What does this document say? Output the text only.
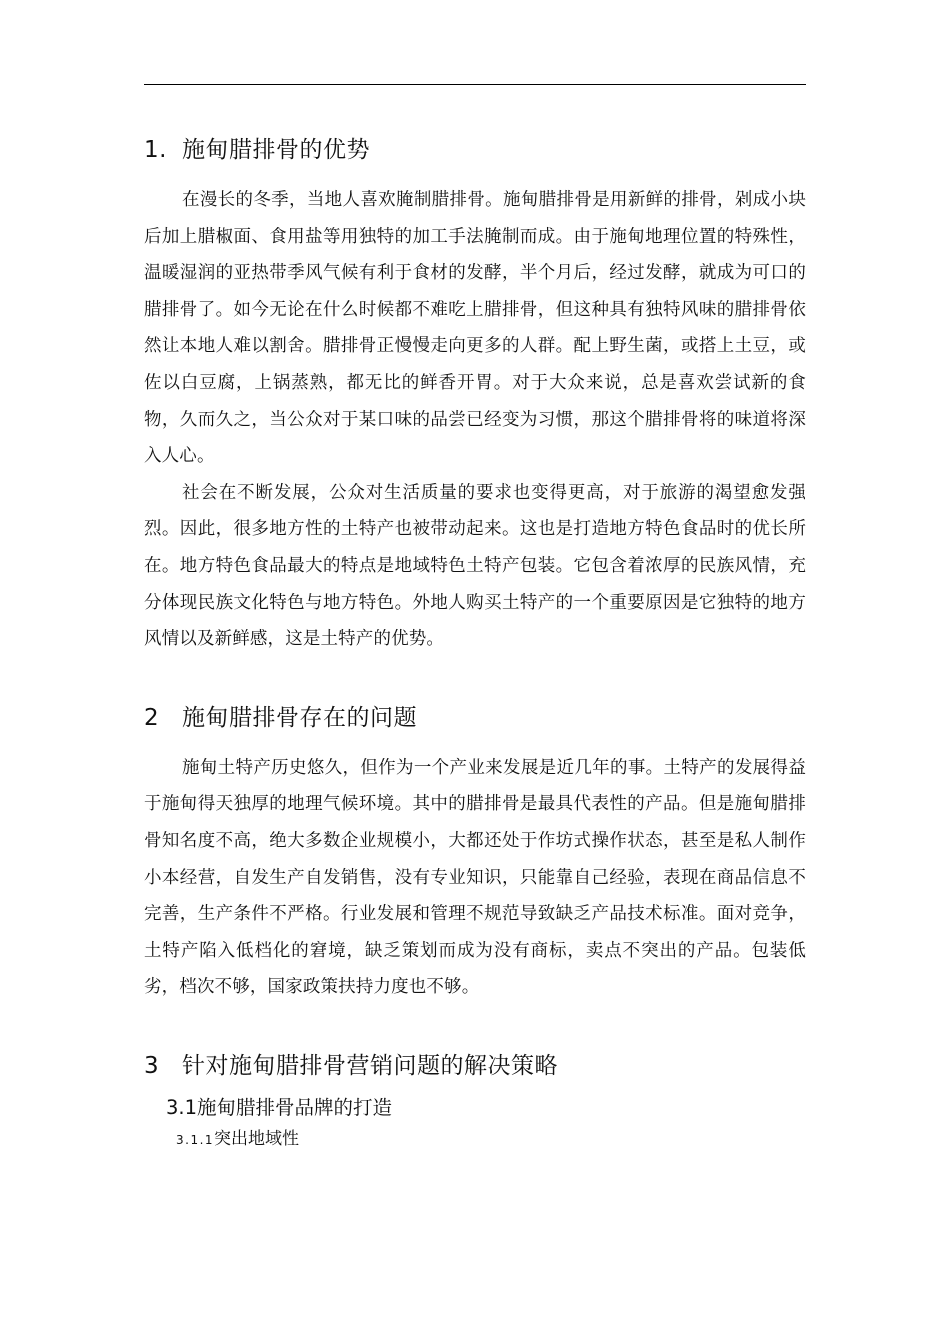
1. 施甸腊排骨的优势

在漫长的冬季，当地人喜欢腌制腊排骨。施甸腊排骨是用新鲜的排骨，剁成小块后加上腊椒面、食用盐等用独特的加工手法腌制而成。由于施甸地理位置的特殊性，温暖湿润的亚热带季风气候有利于食材的发酵，半个月后，经过发酵，就成为可口的腊排骨了。如今无论在什么时候都不难吃上腊排骨，但这种具有独特风味的腊排骨依然让本地人难以割舍。腊排骨正慢慢走向更多的人群。配上野生菌，或搭上土豆，或佐以白豆腐，上锅蒸熟，都无比的鲜香开胃。对于大众来说，总是喜欢尝试新的食物，久而久之，当公众对于某口味的品尝已经变为习惯，那这个腊排骨将的味道将深入人心。

社会在不断发展，公众对生活质量的要求也变得更高，对于旅游的渴望愈发强烈。因此，很多地方性的土特产也被带动起来。这也是打造地方特色食品时的优长所在。地方特色食品最大的特点是地域特色土特产包装。它包含着浓厚的民族风情，充分体现民族文化特色与地方特色。外地人购买土特产的一个重要原因是它独特的地方风情以及新鲜感，这是土特产的优势。

2 施甸腊排骨存在的问题

施甸土特产历史悠久，但作为一个产业来发展是近几年的事。土特产的发展得益于施甸得天独厚的地理气候环境。其中的腊排骨是最具代表性的产品。但是施甸腊排骨知名度不高，绝大多数企业规模小，大都还处于作坊式操作状态，甚至是私人制作小本经营，自发生产自发销售，没有专业知识，只能靠自己经验，表现在商品信息不完善，生产条件不严格。行业发展和管理不规范导致缺乏产品技术标准。面对竞争，土特产陷入低档化的窘境，缺乏策划而成为没有商标，卖点不突出的产品。包装低劣，档次不够，国家政策扶持力度也不够。

3 针对施甸腊排骨营销问题的解决策略
3.1施甸腊排骨品牌的打造
3.1.1突出地域性
